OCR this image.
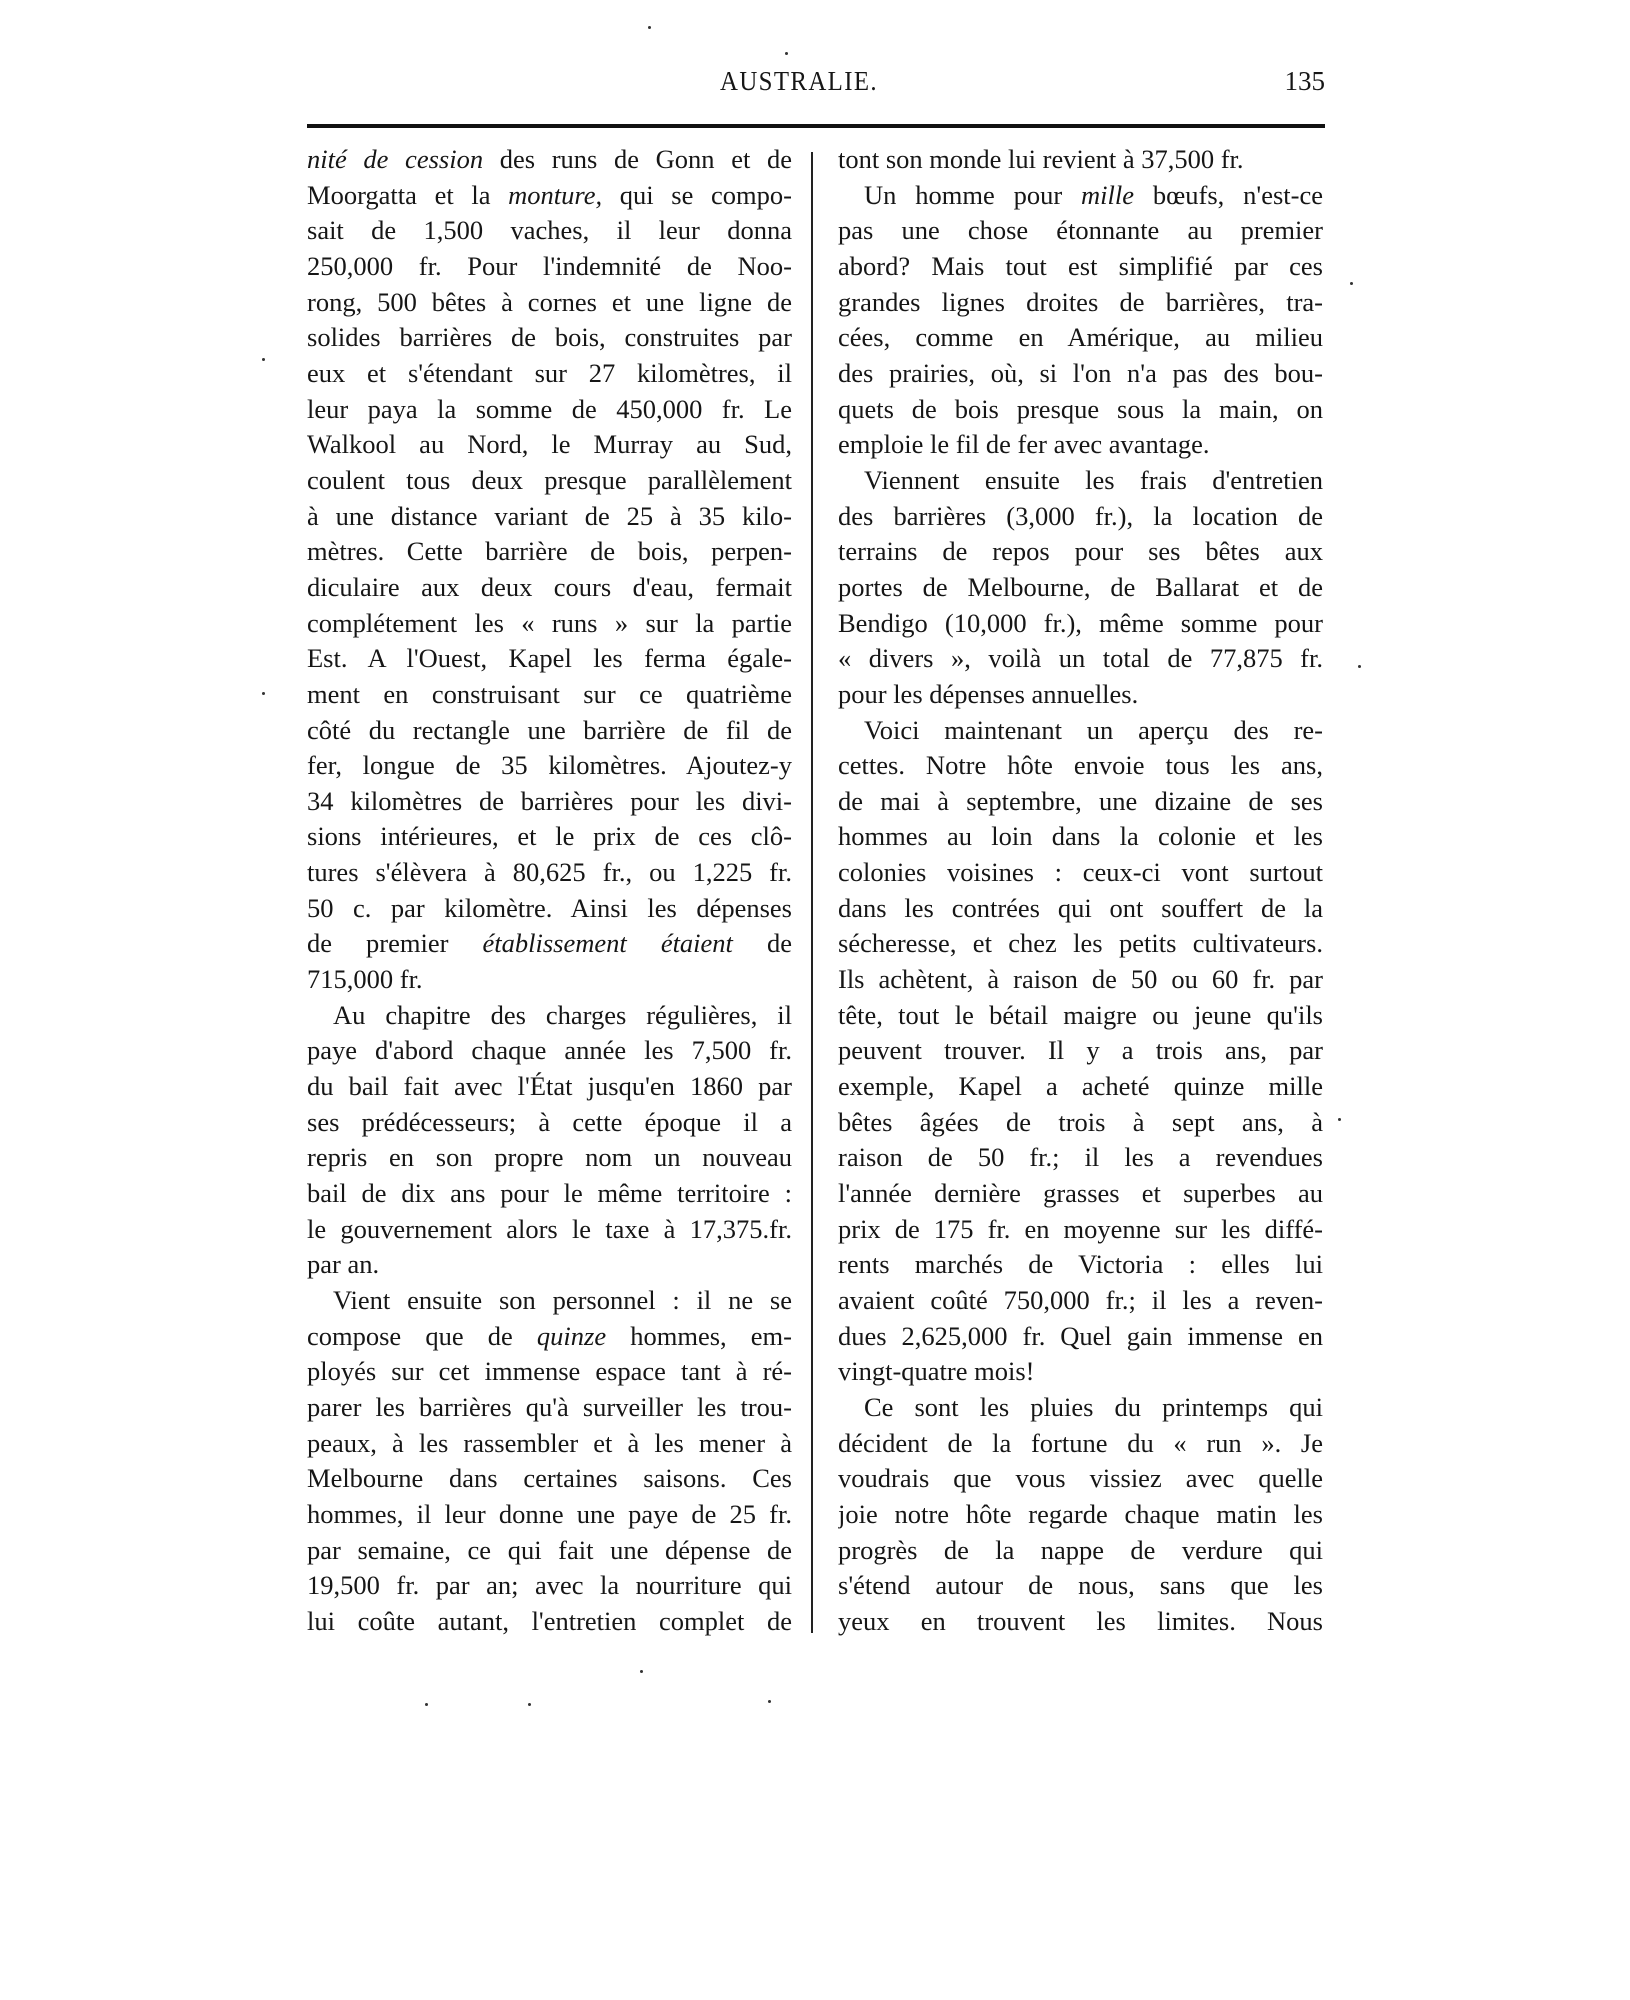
AUSTRALIE.	135
nité de cession des runs de Gonn et de
Moorgatta et la monture, qui se compo-
sait de 1,500 vaches, il leur donna
250,000 fr. Pour l'indemnité de Noo-
rong, 500 bêtes à cornes et une ligne de
solides barrières de bois, construites par
eux et s'étendant sur 27 kilomètres, il
leur paya la somme de 450,000 fr. Le
Walkool au Nord, le Murray au Sud,
coulent tous deux presque parallèlement
à une distance variant de 25 à 35 kilo-
mètres. Cette barrière de bois, perpen-
diculaire aux deux cours d'eau, fermait
complétement les « runs » sur la partie
Est. A l'Ouest, Kapel les ferma égale-
ment en construisant sur ce quatrième
côté du rectangle une barrière de fil de
fer, longue de 35 kilomètres. Ajoutez-y
34 kilomètres de barrières pour les divi-
sions intérieures, et le prix de ces clô-
tures s'élèvera à 80,625 fr., ou 1,225 fr.
50 c. par kilomètre. Ainsi les dépenses
de premier établissement étaient de
715,000 fr.
Au chapitre des charges régulières, il
paye d'abord chaque année les 7,500 fr.
du bail fait avec l'État jusqu'en 1860 par
ses prédécesseurs; à cette époque il a
repris en son propre nom un nouveau
bail de dix ans pour le même territoire :
le gouvernement alors le taxe à 17,375.fr.
par an.
Vient ensuite son personnel : il ne se
compose que de quinze hommes, em-
ployés sur cet immense espace tant à ré-
parer les barrières qu'à surveiller les trou-
peaux, à les rassembler et à les mener à
Melbourne dans certaines saisons. Ces
hommes, il leur donne une paye de 25 fr.
par semaine, ce qui fait une dépense de
19,500 fr. par an; avec la nourriture qui
lui coûte autant, l'entretien complet de
tont son monde lui revient à 37,500 fr.
Un homme pour mille bœufs, n'est-ce
pas une chose étonnante au premier
abord? Mais tout est simplifié par ces
grandes lignes droites de barrières, tra-
cées, comme en Amérique, au milieu
des prairies, où, si l'on n'a pas des bou-
quets de bois presque sous la main, on
emploie le fil de fer avec avantage.
Viennent ensuite les frais d'entretien
des barrières (3,000 fr.), la location de
terrains de repos pour ses bêtes aux
portes de Melbourne, de Ballarat et de
Bendigo (10,000 fr.), même somme pour
« divers », voilà un total de 77,875 fr.
pour les dépenses annuelles.
Voici maintenant un aperçu des re-
cettes. Notre hôte envoie tous les ans,
de mai à septembre, une dizaine de ses
hommes au loin dans la colonie et les
colonies voisines : ceux-ci vont surtout
dans les contrées qui ont souffert de la
sécheresse, et chez les petits cultivateurs.
Ils achètent, à raison de 50 ou 60 fr. par
tête, tout le bétail maigre ou jeune qu'ils
peuvent trouver. Il y a trois ans, par
exemple, Kapel a acheté quinze mille
bêtes âgées de trois à sept ans, à
raison de 50 fr.; il les a revendues
l'année dernière grasses et superbes au
prix de 175 fr. en moyenne sur les diffé-
rents marchés de Victoria : elles lui
avaient coûté 750,000 fr.; il les a reven-
dues 2,625,000 fr. Quel gain immense en
vingt-quatre mois!
Ce sont les pluies du printemps qui
décident de la fortune du « run ». Je
voudrais que vous vissiez avec quelle
joie notre hôte regarde chaque matin les
progrès de la nappe de verdure qui
s'étend autour de nous, sans que les
yeux en trouvent les limites. Nous
